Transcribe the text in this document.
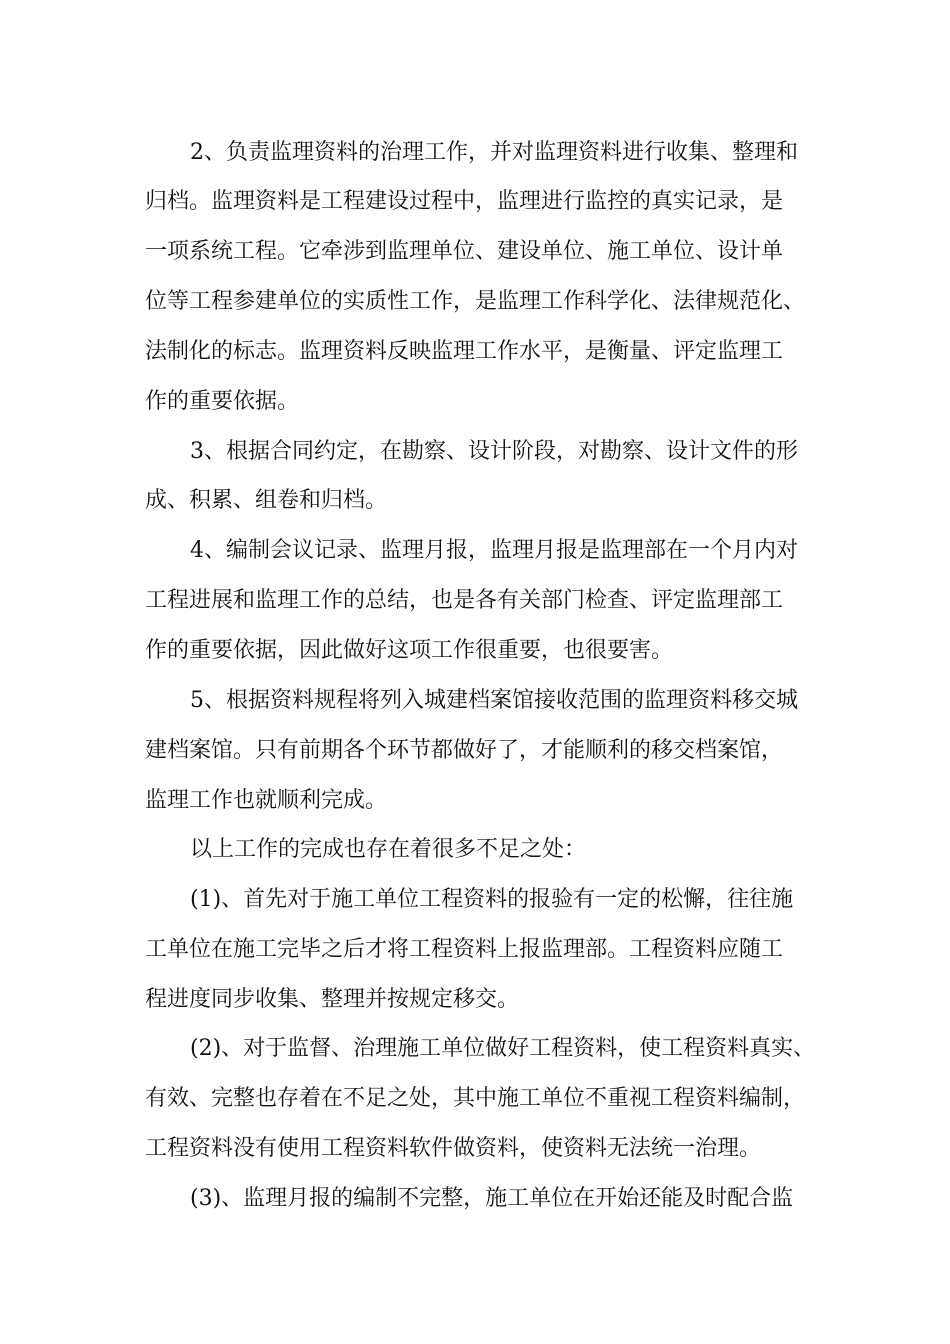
2、负责监理资料的治理工作，并对监理资料进行收集、整理和
归档。监理资料是工程建设过程中，监理进行监控的真实记录，是
一项系统工程。它牵涉到监理单位、建设单位、施工单位、设计单
位等工程参建单位的实质性工作，是监理工作科学化、法律规范化、
法制化的标志。监理资料反映监理工作水平，是衡量、评定监理工
作的重要依据。
3、根据合同约定，在勘察、设计阶段，对勘察、设计文件的形
成、积累、组卷和归档。
4、编制会议记录、监理月报，监理月报是监理部在一个月内对
工程进展和监理工作的总结，也是各有关部门检查、评定监理部工
作的重要依据，因此做好这项工作很重要，也很要害。
5、根据资料规程将列入城建档案馆接收范围的监理资料移交城
建档案馆。只有前期各个环节都做好了，才能顺利的移交档案馆，
监理工作也就顺利完成。
以上工作的完成也存在着很多不足之处：
(1)、首先对于施工单位工程资料的报验有一定的松懈，往往施
工单位在施工完毕之后才将工程资料上报监理部。工程资料应随工
程进度同步收集、整理并按规定移交。
(2)、对于监督、治理施工单位做好工程资料，使工程资料真实、
有效、完整也存着在不足之处，其中施工单位不重视工程资料编制，
工程资料没有使用工程资料软件做资料，使资料无法统一治理。
(3)、监理月报的编制不完整，施工单位在开始还能及时配合监
